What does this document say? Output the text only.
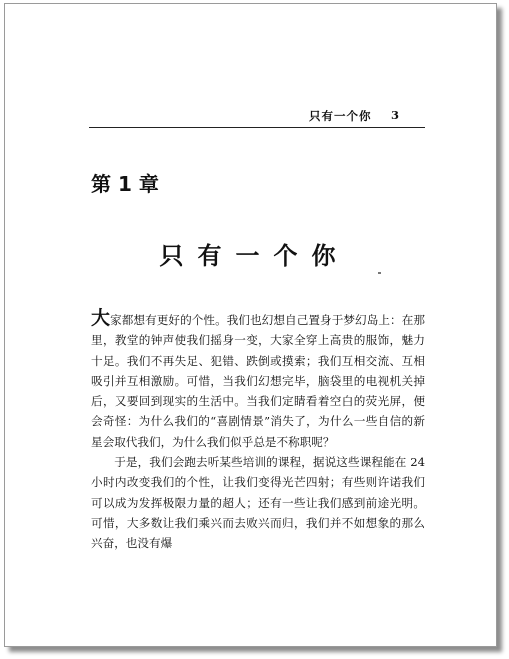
只有一个你 3
第 1 章
只有一个你

大家都想有更好的个性。我们也幻想自己置身于梦幻岛上：在那里，教堂的钟声使我们摇身一变，大家全穿上高贵的服饰，魅力十足。我们不再失足、犯错、跌倒或摸索；我们互相交流、互相吸引并互相激励。可惜，当我们幻想完毕，脑袋里的电视机关掉后，又要回到现实的生活中。当我们定睛看着空白的荧光屏，便会奇怪：为什么我们的“喜剧情景”消失了，为什么一些自信的新星会取代我们，为什么我们似乎总是不称职呢？

于是，我们会跑去听某些培训的课程，据说这些课程能在 24 小时内改变我们的个性，让我们变得光芒四射；有些则许诺我们可以成为发挥极限力量的超人；还有一些让我们感到前途光明。可惜，大多数让我们乘兴而去败兴而归，我们并不如想象的那么兴奋，也没有爆
